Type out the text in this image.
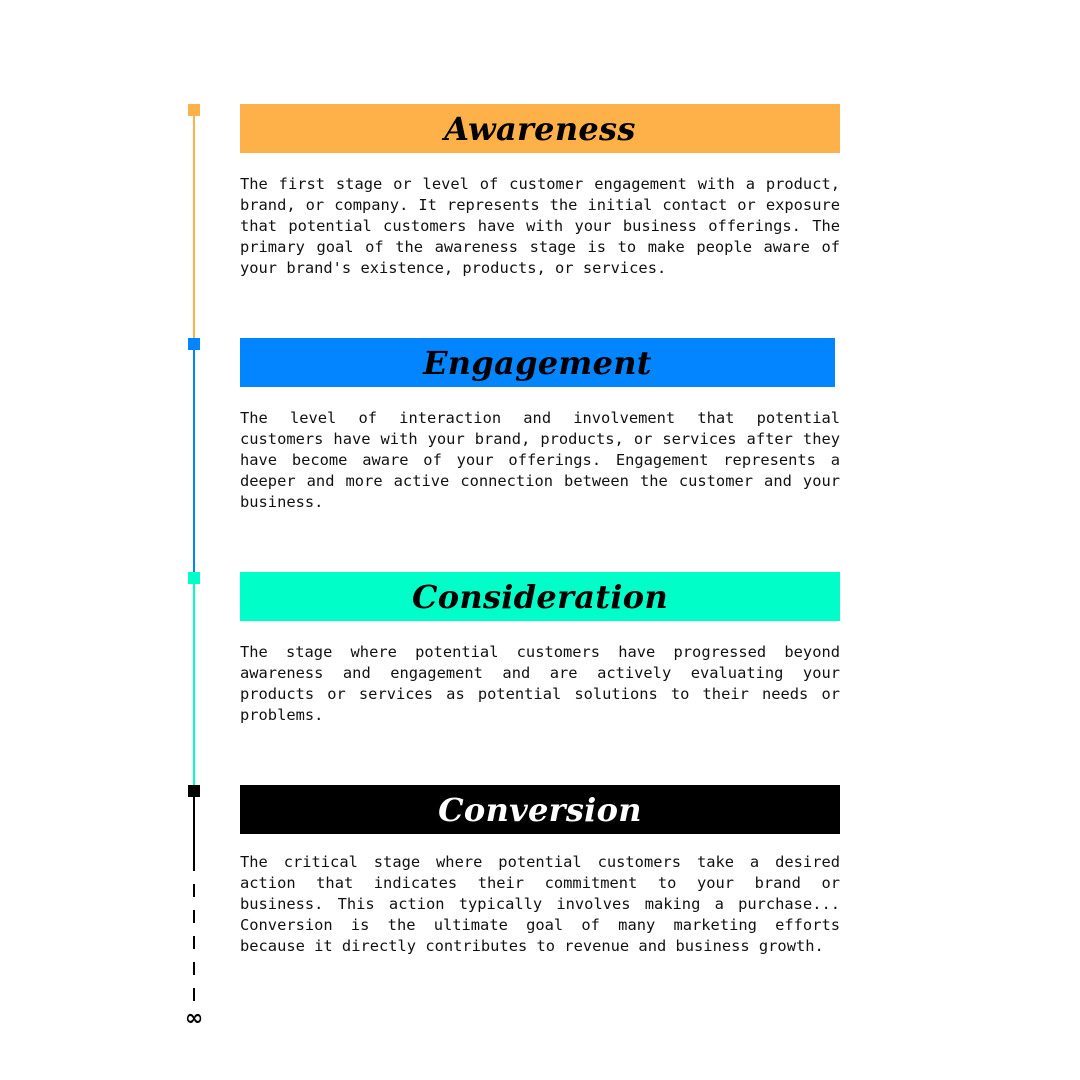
∞
Awareness

The first stage or level of customer engagement with a product, brand, or company. It represents the initial contact or exposure that potential customers have with your business offerings. The primary goal of the awareness stage is to make people aware of your brand's existence, products, or services.

Engagement

The level of interaction and involvement that potential customers have with your brand, products, or services after they have become aware of your offerings. Engagement represents a deeper and more active connection between the customer and your business.

Consideration

The stage where potential customers have progressed beyond awareness and engagement and are actively evaluating your products or services as potential solutions to their needs or problems.

Conversion

The critical stage where potential customers take a desired action that indicates their commitment to your brand or business. This action typically involves making a purchase... Conversion is the ultimate goal of many marketing efforts because it directly contributes to revenue and business growth.
